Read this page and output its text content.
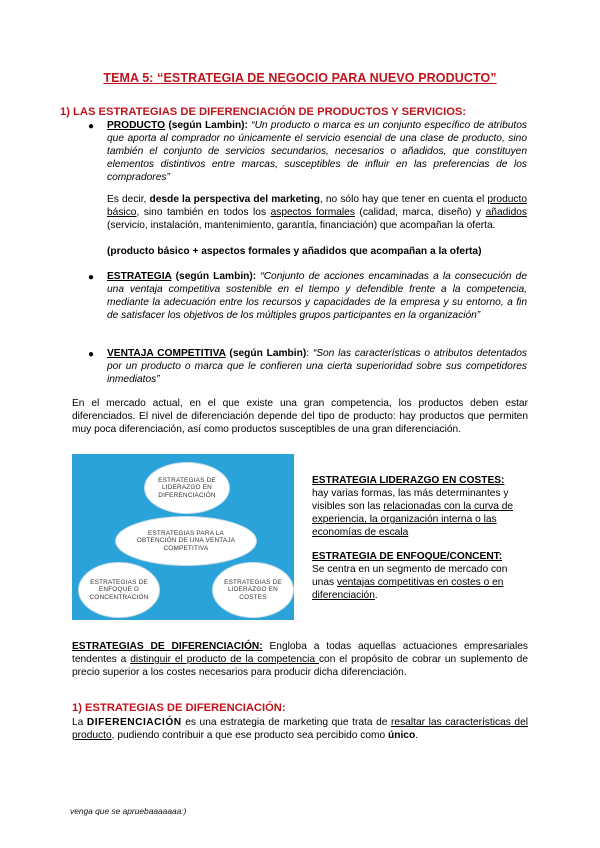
TEMA 5: “ESTRATEGIA DE NEGOCIO PARA NUEVO PRODUCTO”
1) LAS ESTRATEGIAS DE DIFERENCIACIÓN DE PRODUCTOS Y SERVICIOS:
● PRODUCTO (según Lambin): “Un producto o marca es un conjunto específico de atributos que aporta al comprador no únicamente el servicio esencial de una clase de producto, sino también el conjunto de servicios secundarios, necesarios o añadidos, que constituyen elementos distintivos entre marcas, susceptibles de influir en las preferencias de los compradores”
Es decir, desde la perspectiva del marketing, no sólo hay que tener en cuenta el producto básico, sino también en todos los aspectos formales (calidad, marca, diseño) y añadidos (servicio, instalación, mantenimiento, garantía, financiación) que acompañan la oferta.
(producto básico + aspectos formales y añadidos que acompañan a la oferta)
● ESTRATEGIA (según Lambin): “Conjunto de acciones encaminadas a la consecución de una ventaja competitiva sostenible en el tiempo y defendible frente a la competencia, mediante la adecuación entre los recursos y capacidades de la empresa y su entorno, a fin de satisfacer los objetivos de los múltiples grupos participantes en la organización”
● VENTAJA COMPETITIVA (según Lambin): “Son las características o atributos detentados por un producto o marca que le confieren una cierta superioridad sobre sus competidores inmediatos”
En el mercado actual, en el que existe una gran competencia, los productos deben estar diferenciados. El nivel de diferenciación depende del tipo de producto: hay productos que permiten muy poca diferenciación, así como productos susceptibles de una gran diferenciación.
ESTRATEGIAS DE LIDERAZGO EN DIFERENCIACIÓN
ESTRATEGIAS PARA LA OBTENCIÓN DE UNA VENTAJA COMPETITIVA
ESTRATEGIAS DE ENFOQUE O CONCENTRACIÓN
ESTRATEGIAS DE LIDERAZGO EN COSTES
ESTRATEGIA LIDERAZGO EN COSTES:
hay varias formas, las más determinantes y visibles son las relacionadas con la curva de experiencia, la organización interna o las economías de escala
ESTRATEGIA DE ENFOQUE/CONCENT:
Se centra en un segmento de mercado con unas ventajas competitivas en costes o en diferenciación.
ESTRATEGIAS DE DIFERENCIACIÓN: Engloba a todas aquellas actuaciones empresariales tendentes a distinguir el producto de la competencia con el propósito de cobrar un suplemento de precio superior a los costes necesarios para producir dicha diferenciación.
1) ESTRATEGIAS DE DIFERENCIACIÓN:
La DIFERENCIACIÓN es una estrategia de marketing que trata de resaltar las características del producto, pudiendo contribuir a que ese producto sea percibido como único.
venga que se apruebaaaaaaa:)
